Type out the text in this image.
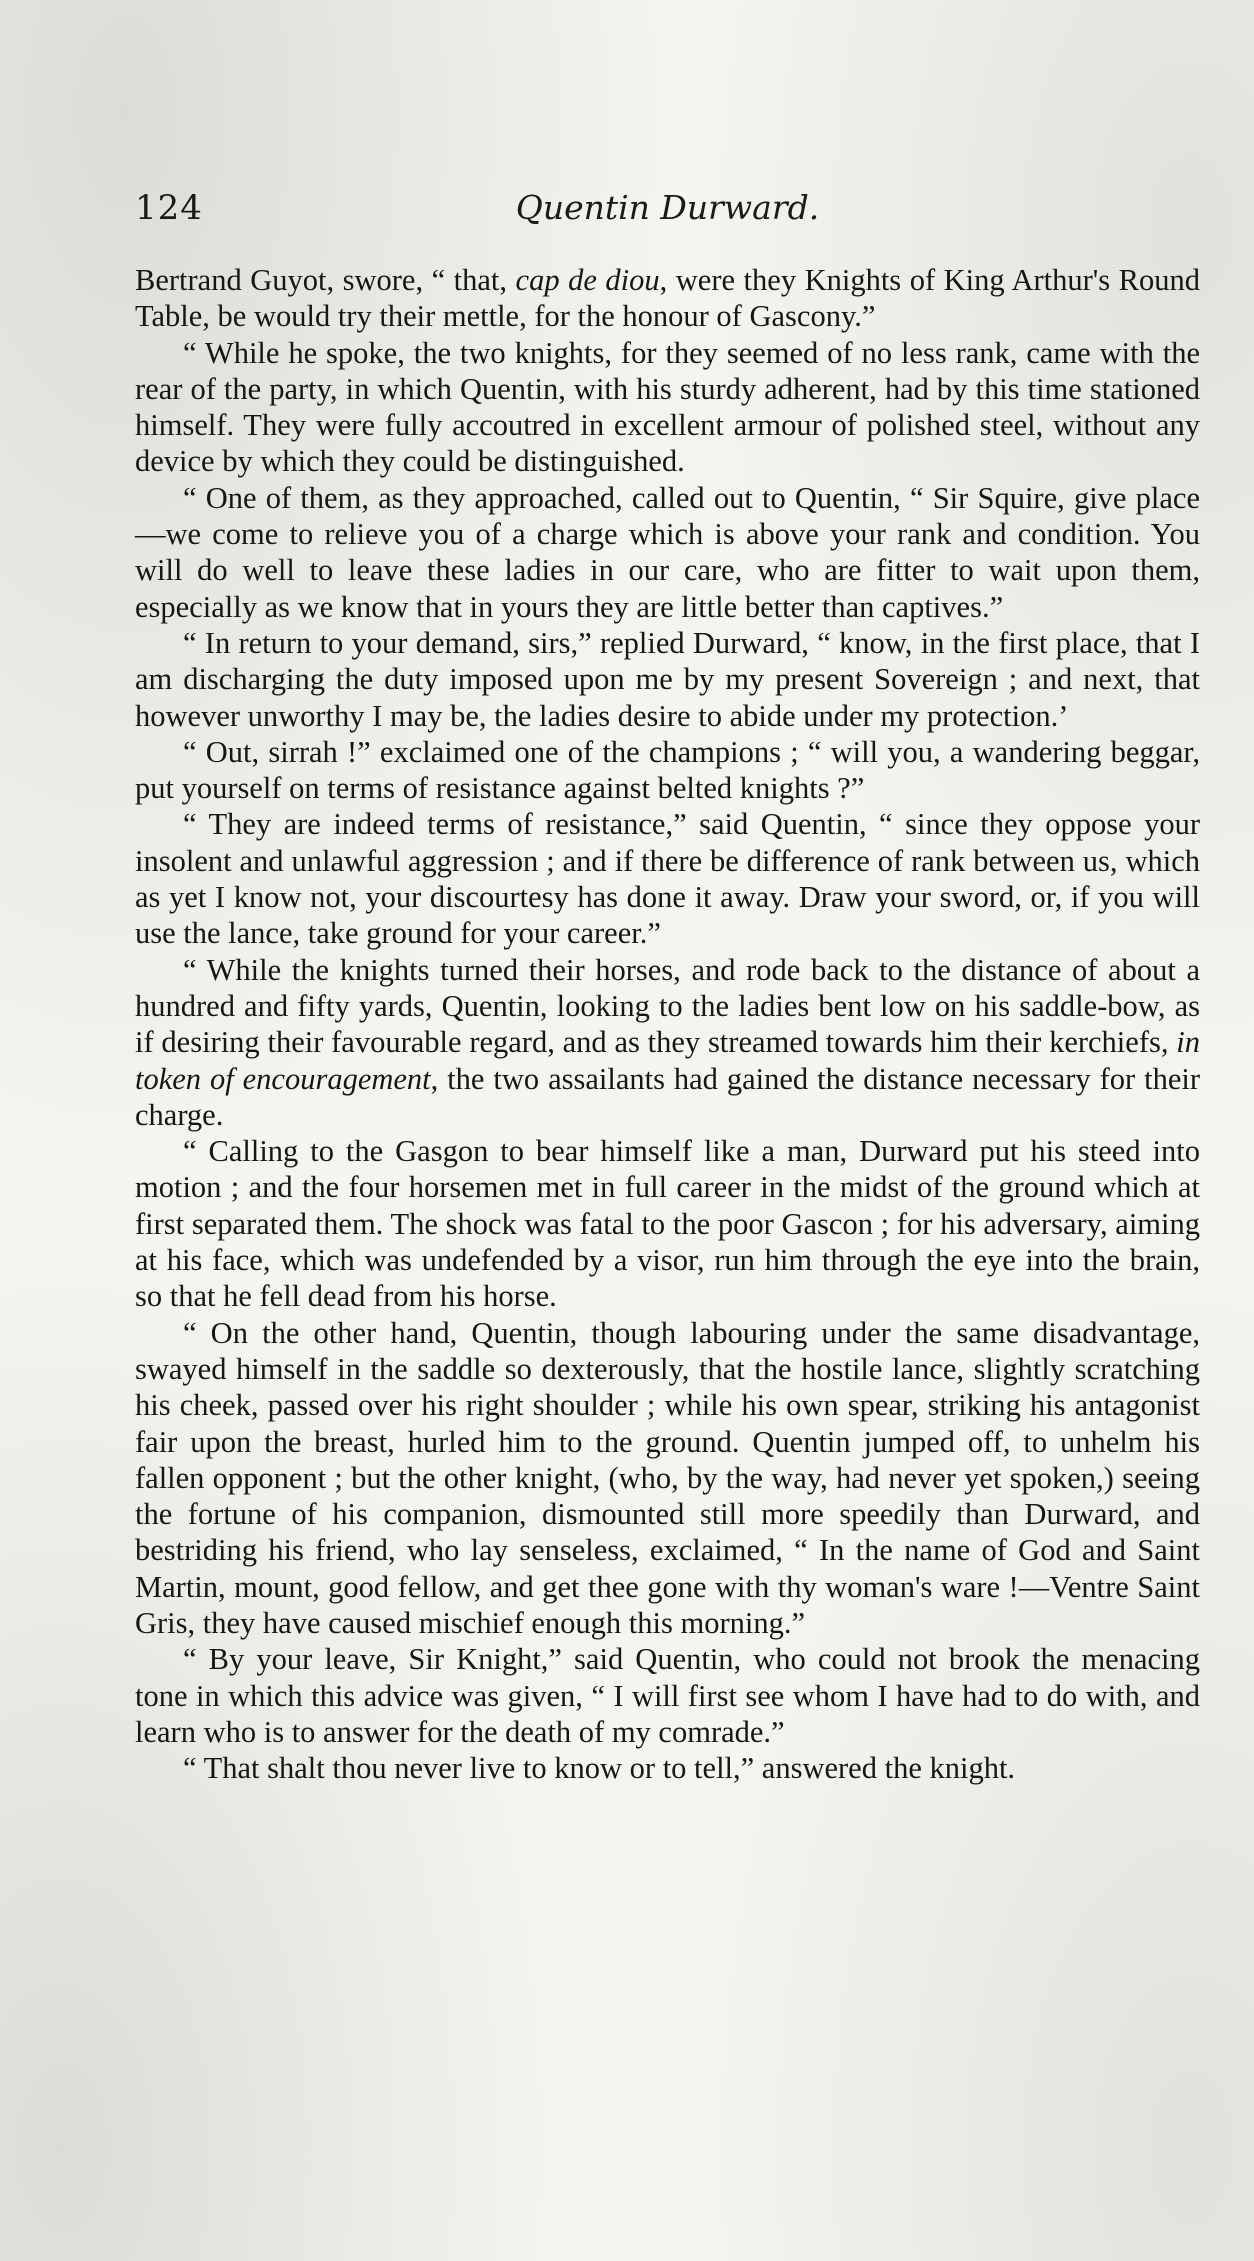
124	Quentin Durward.

Bertrand Guyot, swore, “ that, cap de diou, were they Knights of King Arthur's Round Table, be would try their mettle, for the honour of Gascony.”

“ While he spoke, the two knights, for they seemed of no less rank, came with the rear of the party, in which Quentin, with his sturdy adherent, had by this time stationed himself. They were fully accoutred in excellent armour of polished steel, without any device by which they could be distinguished.

“ One of them, as they approached, called out to Quentin, “ Sir Squire, give place—we come to relieve you of a charge which is above your rank and condition. You will do well to leave these ladies in our care, who are fitter to wait upon them, especially as we know that in yours they are little better than captives.”

“ In return to your demand, sirs,” replied Durward, “ know, in the first place, that I am discharging the duty imposed upon me by my present Sovereign ; and next, that however unworthy I may be, the ladies desire to abide under my protection.’

“ Out, sirrah !” exclaimed one of the champions ; “ will you, a wandering beggar, put yourself on terms of resistance against belted knights ?”

“ They are indeed terms of resistance,” said Quentin, “ since they oppose your insolent and unlawful aggression ; and if there be difference of rank between us, which as yet I know not, your discourtesy has done it away. Draw your sword, or, if you will use the lance, take ground for your career.”

“ While the knights turned their horses, and rode back to the distance of about a hundred and fifty yards, Quentin, looking to the ladies bent low on his saddle-bow, as if desiring their favourable regard, and as they streamed towards him their kerchiefs, in token of encouragement, the two assailants had gained the distance necessary for their charge.

“ Calling to the Gasgon to bear himself like a man, Durward put his steed into motion ; and the four horsemen met in full career in the midst of the ground which at first separated them. The shock was fatal to the poor Gascon ; for his adversary, aiming at his face, which was undefended by a visor, run him through the eye into the brain, so that he fell dead from his horse.

“ On the other hand, Quentin, though labouring under the same disadvantage, swayed himself in the saddle so dexterously, that the hostile lance, slightly scratching his cheek, passed over his right shoulder ; while his own spear, striking his antagonist fair upon the breast, hurled him to the ground. Quentin jumped off, to unhelm his fallen opponent ; but the other knight, (who, by the way, had never yet spoken,) seeing the fortune of his companion, dismounted still more speedily than Durward, and bestriding his friend, who lay senseless, exclaimed, “ In the name of God and Saint Martin, mount, good fellow, and get thee gone with thy woman's ware !—Ventre Saint Gris, they have caused mischief enough this morning.”

“ By your leave, Sir Knight,” said Quentin, who could not brook the menacing tone in which this advice was given, “ I will first see whom I have had to do with, and learn who is to answer for the death of my comrade.”

“ That shalt thou never live to know or to tell,” answered the knight.
